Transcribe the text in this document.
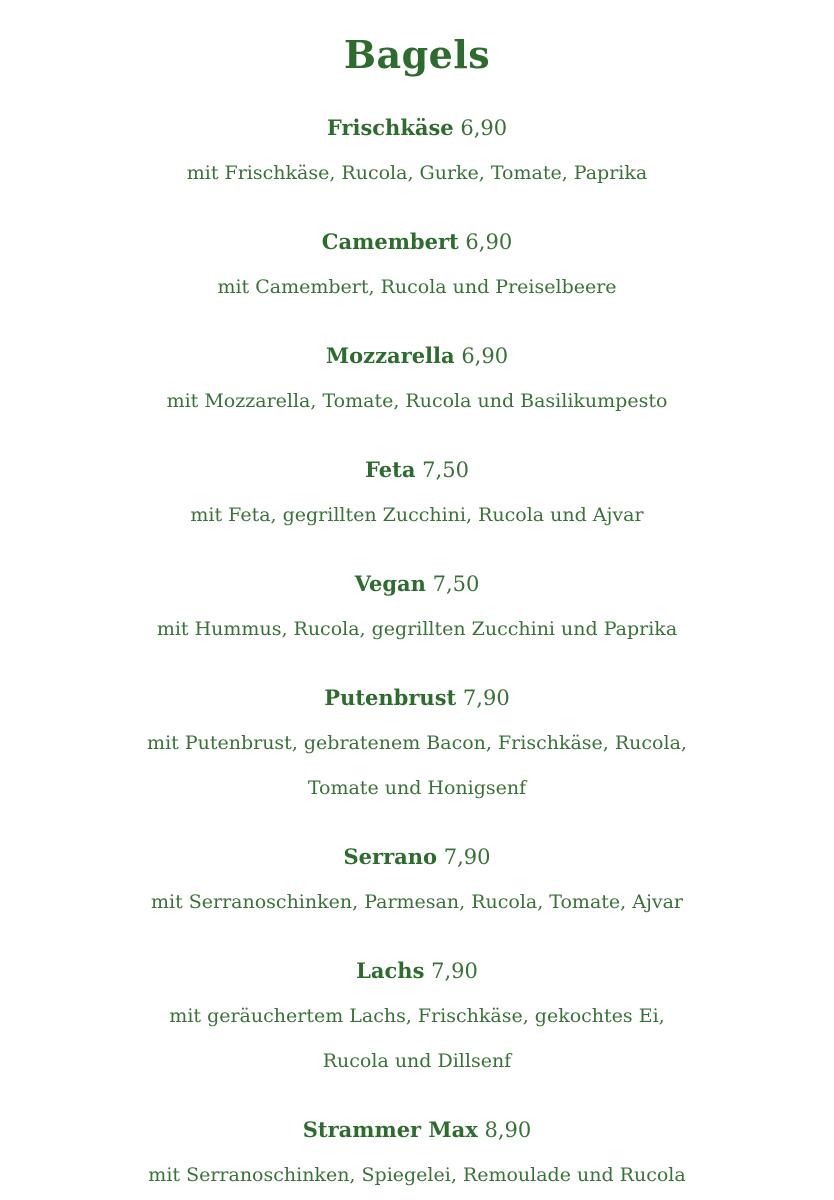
Bagels
Frischkäse 6,90
mit Frischkäse, Rucola, Gurke, Tomate, Paprika
Camembert 6,90
mit Camembert, Rucola und Preiselbeere
Mozzarella 6,90
mit Mozzarella, Tomate, Rucola und Basilikumpesto
Feta 7,50
mit Feta, gegrillten Zucchini, Rucola und Ajvar
Vegan 7,50
mit Hummus, Rucola, gegrillten Zucchini und Paprika
Putenbrust 7,90
mit Putenbrust, gebratenem Bacon, Frischkäse, Rucola,
Tomate und Honigsenf
Serrano 7,90
mit Serranoschinken, Parmesan, Rucola, Tomate, Ajvar
Lachs 7,90
mit geräuchertem Lachs, Frischkäse, gekochtes Ei,
Rucola und Dillsenf
Strammer Max 8,90
mit Serranoschinken, Spiegelei, Remoulade und Rucola
